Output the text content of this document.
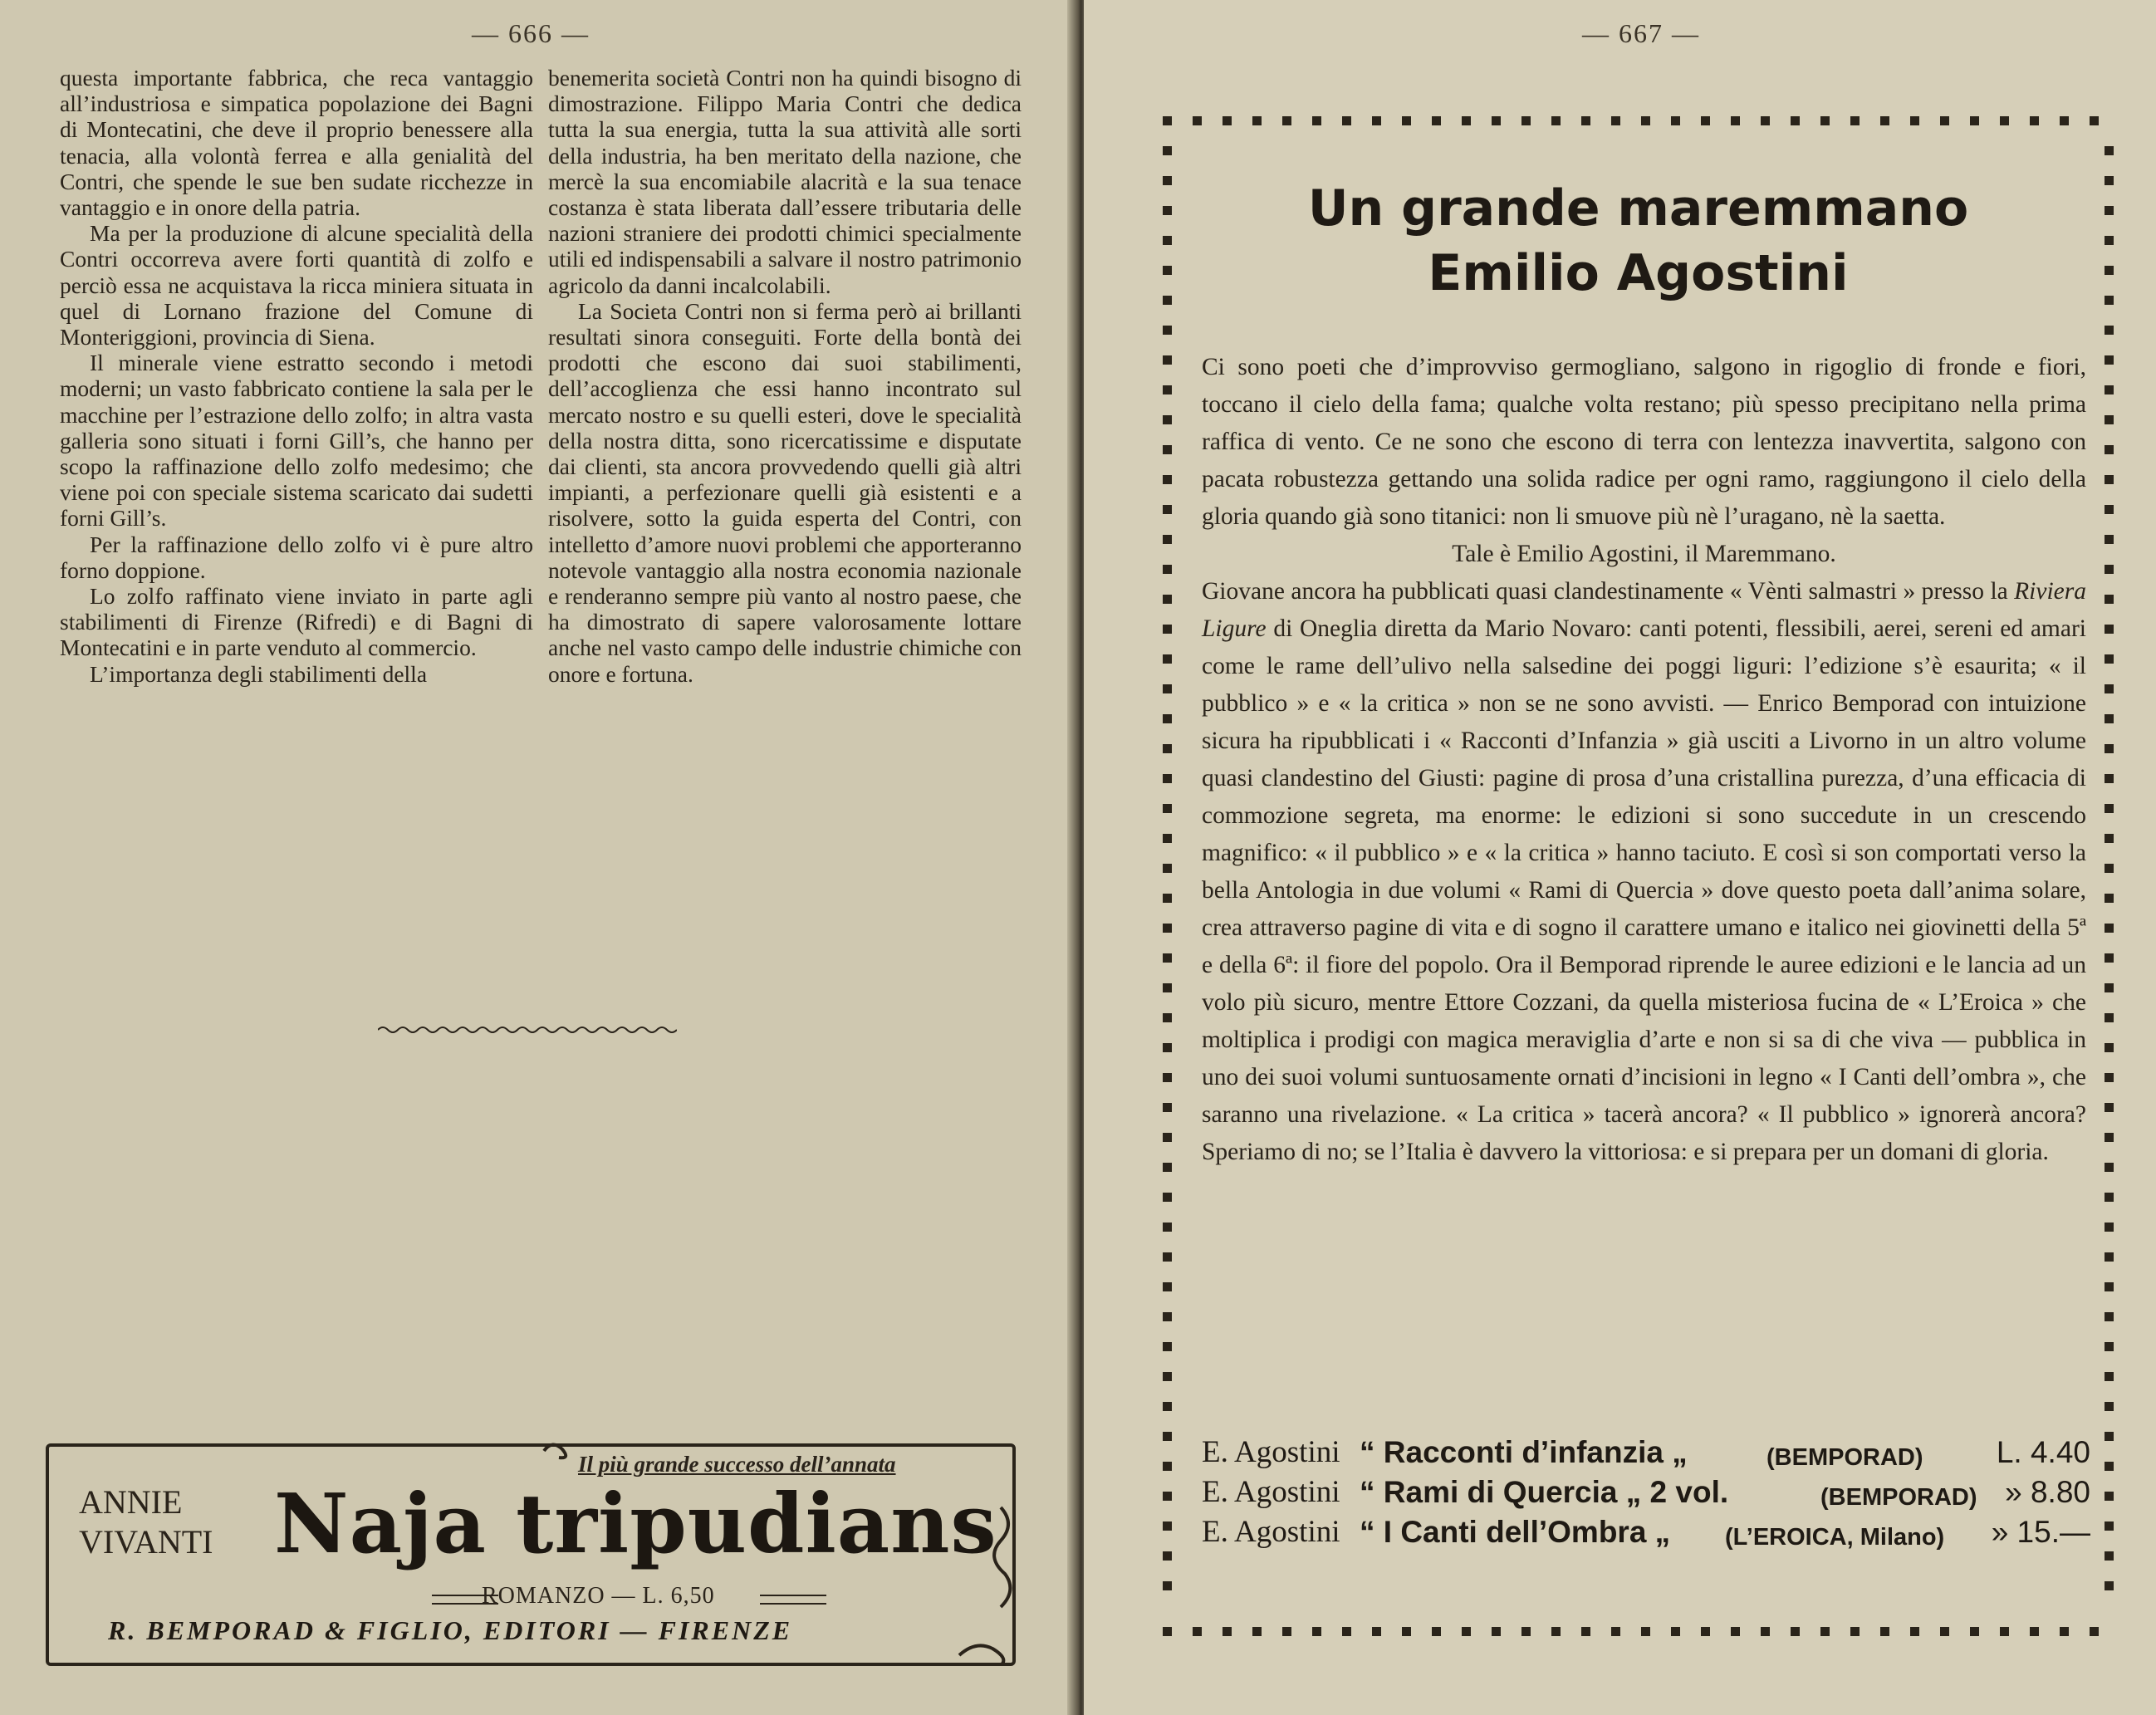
— 666 —

questa importante fabbrica, che reca vantaggio all’industriosa e simpatica popolazione dei Bagni di Montecatini, che deve il proprio benessere alla tenacia, alla volontà ferrea e alla genialità del Contri, che spende le sue ben sudate ricchezze in vantaggio e in onore della patria.

Ma per la produzione di alcune specialità della Contri occorreva avere forti quantità di zolfo e perciò essa ne acquistava la ricca miniera situata in quel di Lornano frazione del Comune di Monteriggioni, provincia di Siena.

Il minerale viene estratto secondo i metodi moderni; un vasto fabbricato contiene la sala per le macchine per l’estrazione dello zolfo; in altra vasta galleria sono situati i forni Gill’s, che hanno per scopo la raffinazione dello zolfo medesimo; che viene poi con speciale sistema scaricato dai sudetti forni Gill’s.

Per la raffinazione dello zolfo vi è pure altro forno doppione.

Lo zolfo raffinato viene inviato in parte agli stabilimenti di Firenze (Rifredi) e di Bagni di Montecatini e in parte venduto al commercio.

L’importanza degli stabilimenti della

benemerita società Contri non ha quindi bisogno di dimostrazione. Filippo Maria Contri che dedica tutta la sua energia, tutta la sua attività alle sorti della industria, ha ben meritato della nazione, che mercè la sua encomiabile alacrità e la sua tenace costanza è stata liberata dall’essere tributaria delle nazioni straniere dei prodotti chimici specialmente utili ed indispensabili a salvare il nostro patrimonio agricolo da danni incalcolabili.

La Societa Contri non si ferma però ai brillanti resultati sinora conseguiti. Forte della bontà dei prodotti che escono dai suoi stabilimenti, dell’accoglienza che essi hanno incontrato sul mercato nostro e su quelli esteri, dove le specialità della nostra ditta, sono ricercatissime e disputate dai clienti, sta ancora provvedendo quelli già altri impianti, a perfezionare quelli già esistenti e a risolvere, sotto la guida esperta del Contri, con intelletto d’amore nuovi problemi che apporteranno notevole vantaggio alla nostra economia nazionale e renderanno sempre più vanto al nostro paese, che ha dimostrato di sapere valorosamente lottare anche nel vasto campo delle industrie chimiche con onore e fortuna.

Il più grande successo dell’annata
ANNIE
VIVANTI Naja tripudians
ROMANZO — L. 6,50
R. BEMPORAD & FIGLIO, EDITORI — FIRENZE
— 667 —
Un grande maremmano
Emilio Agostini

Ci sono poeti che d’improvviso germogliano, salgono in rigoglio di fronde e fiori, toccano il cielo della fama; qualche volta restano; più spesso precipitano nella prima raffica di vento. Ce ne sono che escono di terra con lentezza inavvertita, salgono con pacata robustezza gettando una solida radice per ogni ramo, raggiungono il cielo della gloria quando già sono titanici: non li smuove più nè l’uragano, nè la saetta.

Tale è Emilio Agostini, il Maremmano.

Giovane ancora ha pubblicati quasi clandestinamente « Vènti salmastri » presso la Riviera Ligure di Oneglia diretta da Mario Novaro: canti potenti, flessibili, aerei, sereni ed amari come le rame dell’ulivo nella salsedine dei poggi liguri: l’edizione s’è esaurita; « il pubblico » e « la critica » non se ne sono avvisti. — Enrico Bemporad con intuizione sicura ha ripubblicati i « Racconti d’Infanzia » già usciti a Livorno in un altro volume quasi clandestino del Giusti: pagine di prosa d’una cristallina purezza, d’una efficacia di commozione segreta, ma enorme: le edizioni si sono succedute in un crescendo magnifico: « il pubblico » e « la critica » hanno taciuto. E così si son comportati verso la bella Antologia in due volumi « Rami di Quercia » dove questo poeta dall’anima solare, crea attraverso pagine di vita e di sogno il carattere umano e italico nei giovinetti della 5ª e della 6ª: il fiore del popolo. Ora il Bemporad riprende le auree edizioni e le lancia ad un volo più sicuro, mentre Ettore Cozzani, da quella misteriosa fucina de « L’Eroica » che moltiplica i prodigi con magica meraviglia d’arte e non si sa di che viva — pubblica in uno dei suoi volumi suntuosamente ornati d’incisioni in legno « I Canti dell’ombra », che saranno una rivelazione. « La critica » tacerà ancora? « Il pubblico » ignorerà ancora? Speriamo di no; se l’Italia è davvero la vittoriosa: e si prepara per un domani di gloria.

E. Agostini “ Racconti d’infanzia „	(BEMPORAD) L. 4.40
E. Agostini “ Rami di Quercia „ 2 vol.	(BEMPORAD) » 8.80
E. Agostini “ I Canti dell’Ombra „ (L’EROICA, Milano) » 15.—
